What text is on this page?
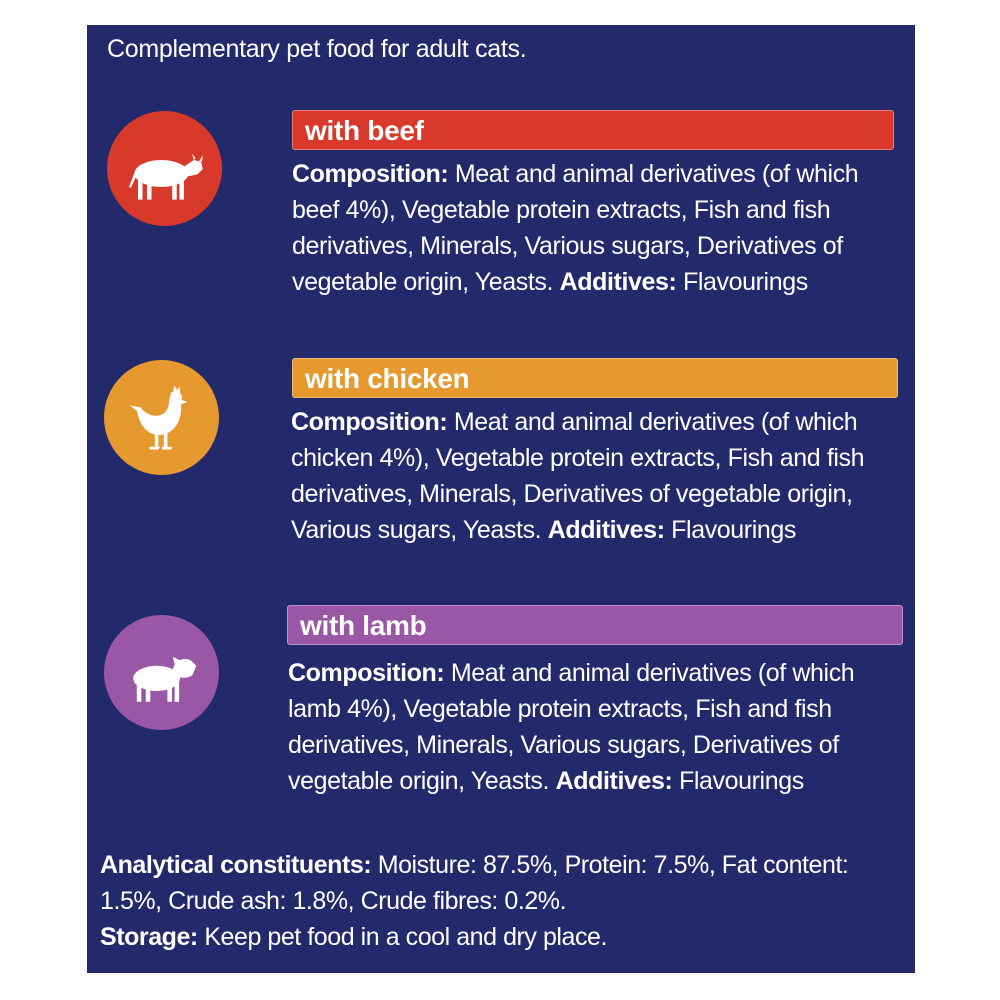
Complementary pet food for adult cats.
with beef
Composition: Meat and animal derivatives (of which beef 4%), Vegetable protein extracts, Fish and fish derivatives, Minerals, Various sugars, Derivatives of vegetable origin, Yeasts. Additives: Flavourings
with chicken
Composition: Meat and animal derivatives (of which chicken 4%), Vegetable protein extracts, Fish and fish derivatives, Minerals, Derivatives of vegetable origin, Various sugars, Yeasts. Additives: Flavourings
with lamb
Composition: Meat and animal derivatives (of which lamb 4%), Vegetable protein extracts, Fish and fish derivatives, Minerals, Various sugars, Derivatives of vegetable origin, Yeasts. Additives: Flavourings
Analytical constituents: Moisture: 87.5%, Protein: 7.5%, Fat content: 1.5%, Crude ash: 1.8%, Crude fibres: 0.2%.
Storage: Keep pet food in a cool and dry place.
